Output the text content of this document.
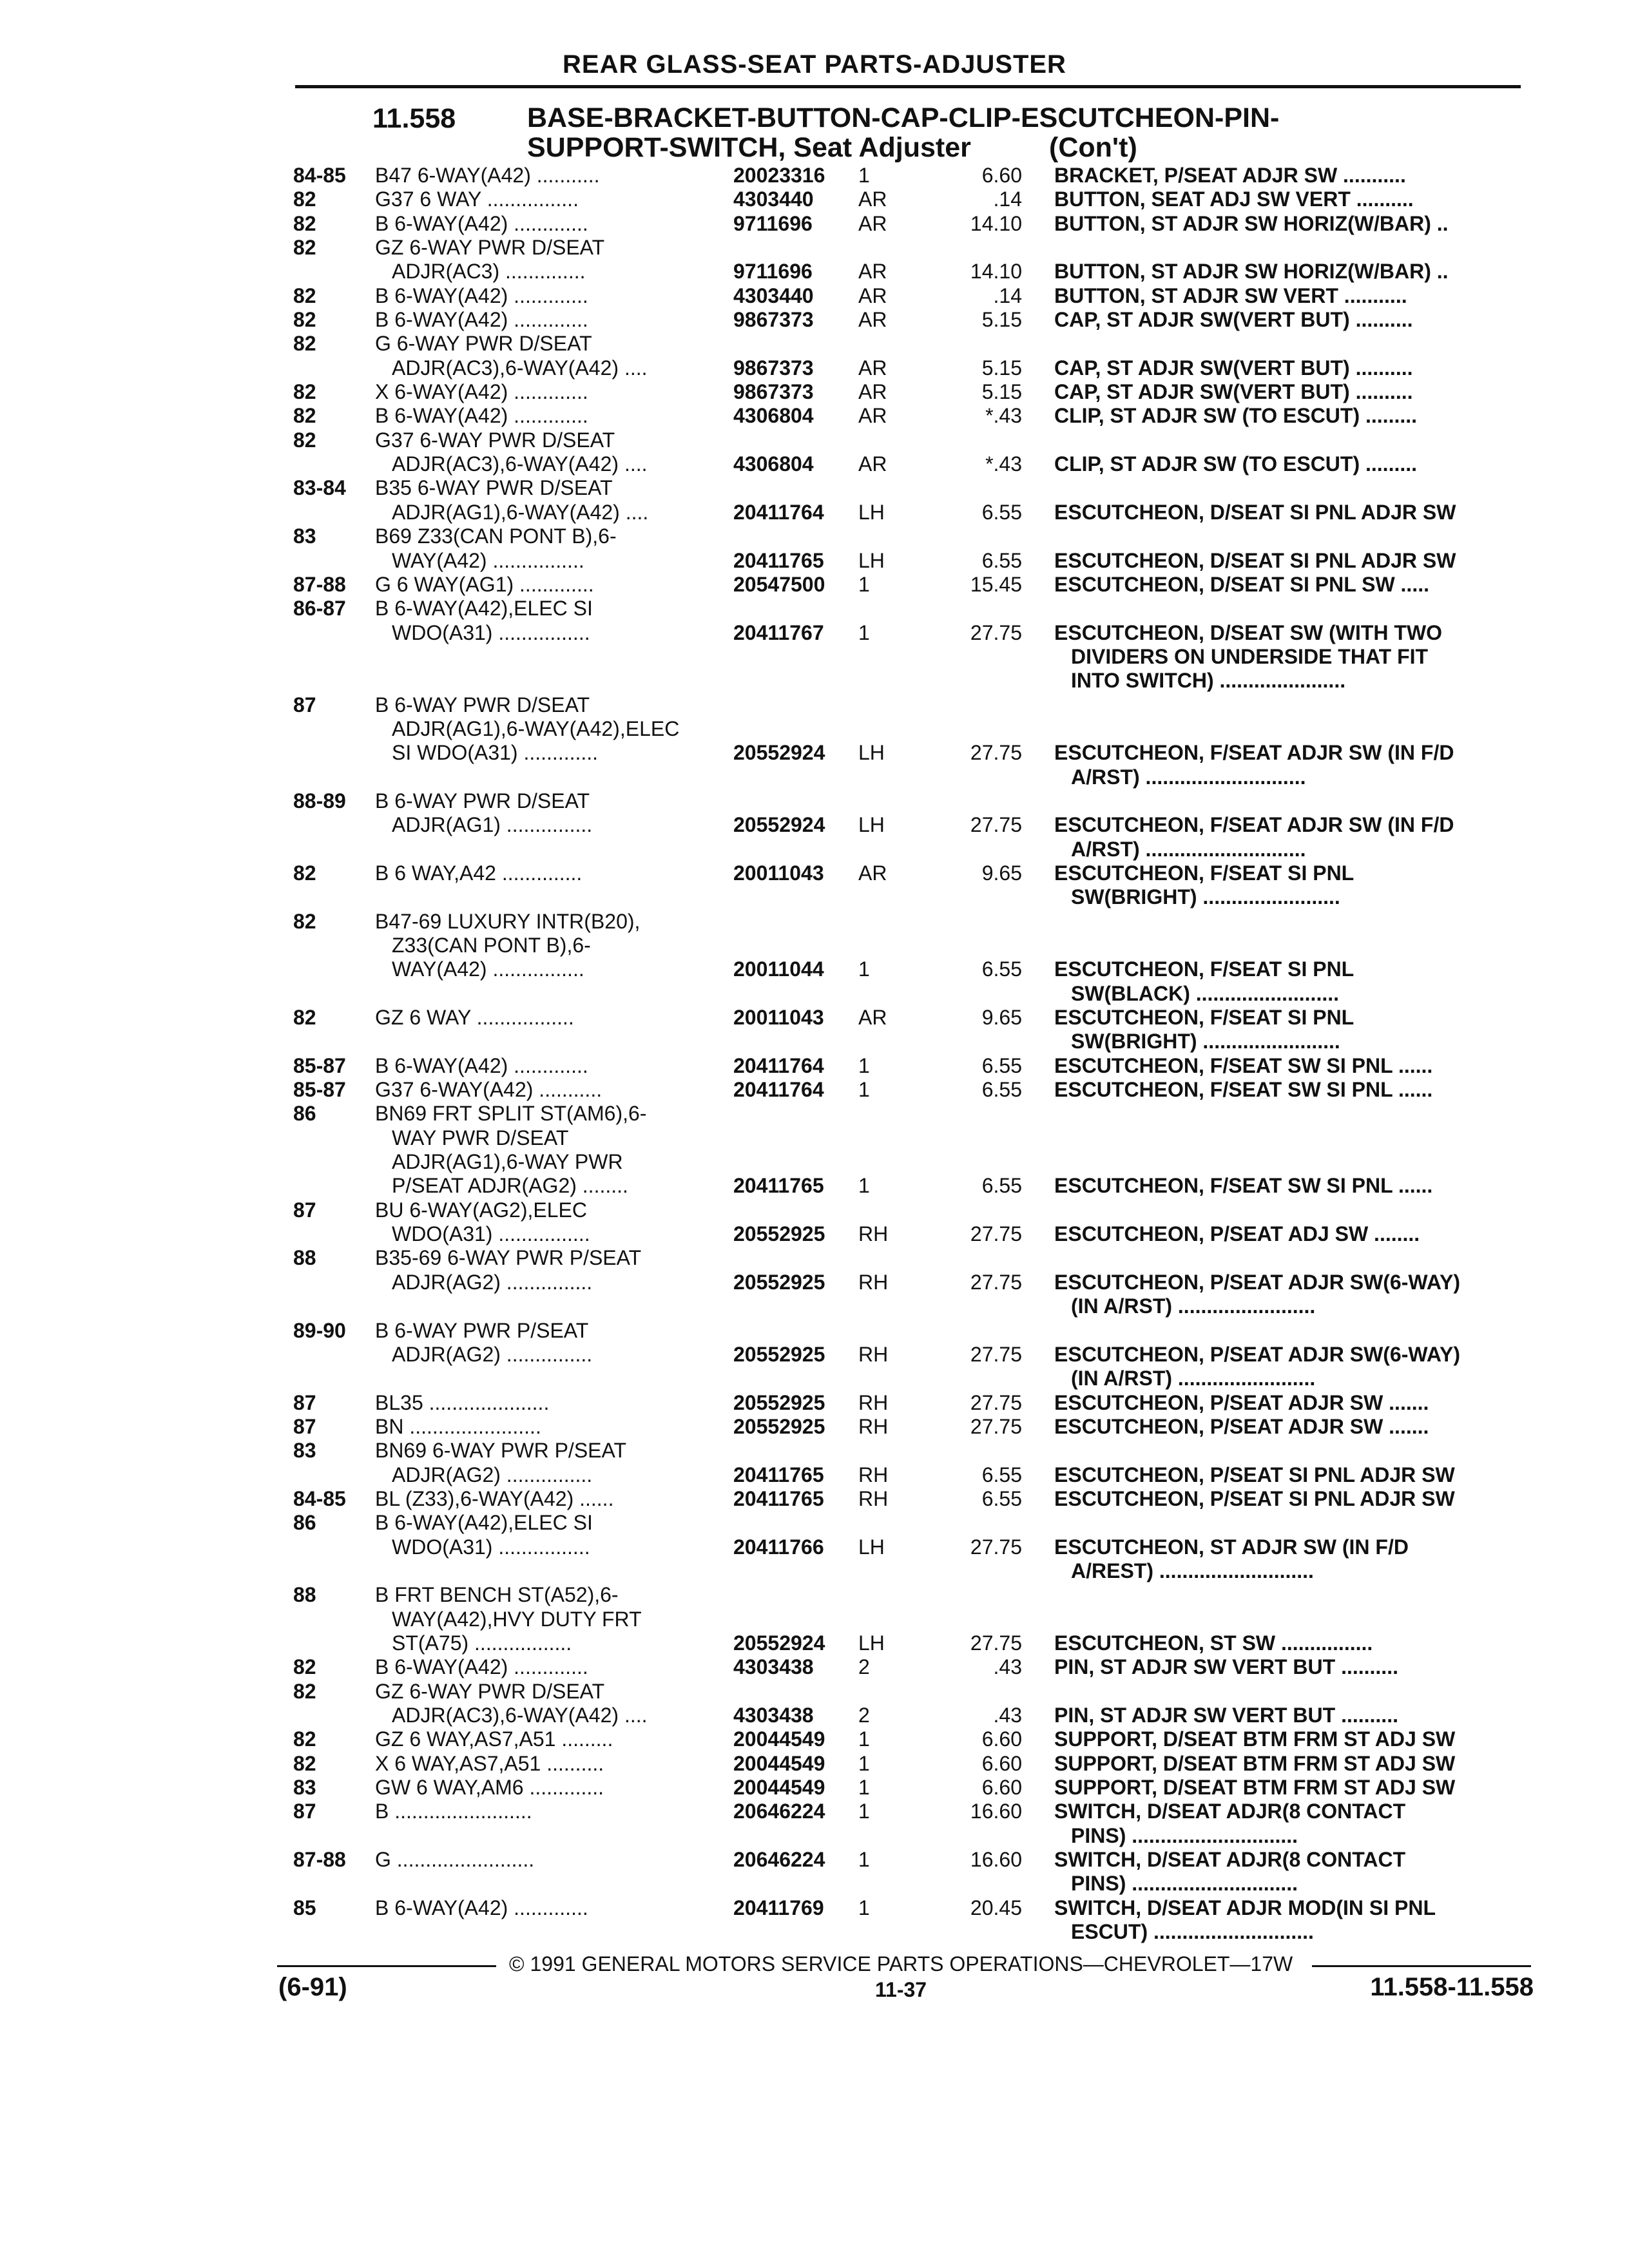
REAR GLASS-SEAT PARTS-ADJUSTER
11.558	BASE-BRACKET-BUTTON-CAP-CLIP-ESCUTCHEON-PIN-
SUPPORT-SWITCH, Seat Adjuster	(Con't)
84-85 B47 6-WAY(A42) ...........	20023316 1	6.60 BRACKET, P/SEAT ADJR SW ...........
82	G37 6 WAY ................	4303440 AR	.14 BUTTON, SEAT ADJ SW VERT ..........
82	B 6-WAY(A42) .............	9711696 AR	14.10 BUTTON, ST ADJR SW HORIZ(W/BAR) ..
82	GZ 6-WAY PWR D/SEAT
ADJR(AC3) ..............	9711696 AR	14.10 BUTTON, ST ADJR SW HORIZ(W/BAR) ..
82	B 6-WAY(A42) .............	4303440 AR	.14 BUTTON, ST ADJR SW VERT ...........
82	B 6-WAY(A42) .............	9867373 AR	5.15 CAP, ST ADJR SW(VERT BUT) ..........
82	G 6-WAY PWR D/SEAT
ADJR(AC3),6-WAY(A42) ....	9867373 AR	5.15 CAP, ST ADJR SW(VERT BUT) ..........
82	X 6-WAY(A42) .............	9867373 AR	5.15 CAP, ST ADJR SW(VERT BUT) ..........
82	B 6-WAY(A42) .............	4306804 AR	*.43 CLIP, ST ADJR SW (TO ESCUT) .........
82	G37 6-WAY PWR D/SEAT
ADJR(AC3),6-WAY(A42) ....	4306804 AR	*.43 CLIP, ST ADJR SW (TO ESCUT) .........
83-84 B35 6-WAY PWR D/SEAT
ADJR(AG1),6-WAY(A42) ....	20411764 LH	6.55 ESCUTCHEON, D/SEAT SI PNL ADJR SW
83	B69 Z33(CAN PONT B),6-
WAY(A42) ................	20411765 LH	6.55 ESCUTCHEON, D/SEAT SI PNL ADJR SW
87-88 G 6 WAY(AG1) .............	20547500 1	15.45 ESCUTCHEON, D/SEAT SI PNL SW .....
86-87 B 6-WAY(A42),ELEC SI
WDO(A31) ................	20411767 1	27.75 ESCUTCHEON, D/SEAT SW (WITH TWO
DIVIDERS ON UNDERSIDE THAT FIT
INTO SWITCH) ......................
87	B 6-WAY PWR D/SEAT
ADJR(AG1),6-WAY(A42),ELEC
SI WDO(A31) .............	20552924 LH	27.75 ESCUTCHEON, F/SEAT ADJR SW (IN F/D
A/RST) ............................
88-89 B 6-WAY PWR D/SEAT
ADJR(AG1) ...............	20552924 LH	27.75 ESCUTCHEON, F/SEAT ADJR SW (IN F/D
A/RST) ............................
82	B 6 WAY,A42 ..............	20011043 AR	9.65 ESCUTCHEON, F/SEAT SI PNL
SW(BRIGHT) ........................
82	B47-69 LUXURY INTR(B20),
Z33(CAN PONT B),6-
WAY(A42) ................	20011044 1	6.55 ESCUTCHEON, F/SEAT SI PNL
SW(BLACK) .........................
82	GZ 6 WAY .................	20011043 AR	9.65 ESCUTCHEON, F/SEAT SI PNL
SW(BRIGHT) ........................
85-87 B 6-WAY(A42) .............	20411764 1	6.55 ESCUTCHEON, F/SEAT SW SI PNL ......
85-87 G37 6-WAY(A42) ...........	20411764 1	6.55 ESCUTCHEON, F/SEAT SW SI PNL ......
86	BN69 FRT SPLIT ST(AM6),6-
WAY PWR D/SEAT
ADJR(AG1),6-WAY PWR
P/SEAT ADJR(AG2) ........	20411765 1	6.55 ESCUTCHEON, F/SEAT SW SI PNL ......
87	BU 6-WAY(AG2),ELEC
WDO(A31) ................	20552925 RH	27.75 ESCUTCHEON, P/SEAT ADJ SW ........
88	B35-69 6-WAY PWR P/SEAT
ADJR(AG2) ...............	20552925 RH	27.75 ESCUTCHEON, P/SEAT ADJR SW(6-WAY)
(IN A/RST) ........................
89-90 B 6-WAY PWR P/SEAT
ADJR(AG2) ...............	20552925 RH	27.75 ESCUTCHEON, P/SEAT ADJR SW(6-WAY)
(IN A/RST) ........................
87	BL35 .....................	20552925 RH	27.75 ESCUTCHEON, P/SEAT ADJR SW .......
87	BN .......................	20552925 RH	27.75 ESCUTCHEON, P/SEAT ADJR SW .......
83	BN69 6-WAY PWR P/SEAT
ADJR(AG2) ...............	20411765 RH	6.55 ESCUTCHEON, P/SEAT SI PNL ADJR SW
84-85 BL (Z33),6-WAY(A42) ......	20411765 RH	6.55 ESCUTCHEON, P/SEAT SI PNL ADJR SW
86	B 6-WAY(A42),ELEC SI
WDO(A31) ................	20411766 LH	27.75 ESCUTCHEON, ST ADJR SW (IN F/D
A/REST) ...........................
88	B FRT BENCH ST(A52),6-
WAY(A42),HVY DUTY FRT
ST(A75) .................	20552924 LH	27.75 ESCUTCHEON, ST SW ................
82	B 6-WAY(A42) .............	4303438 2	.43 PIN, ST ADJR SW VERT BUT ..........
82	GZ 6-WAY PWR D/SEAT
ADJR(AC3),6-WAY(A42) ....	4303438 2	.43 PIN, ST ADJR SW VERT BUT ..........
82	GZ 6 WAY,AS7,A51 .........	20044549 1	6.60 SUPPORT, D/SEAT BTM FRM ST ADJ SW
82	X 6 WAY,AS7,A51 ..........	20044549 1	6.60 SUPPORT, D/SEAT BTM FRM ST ADJ SW
83	GW 6 WAY,AM6 .............	20044549 1	6.60 SUPPORT, D/SEAT BTM FRM ST ADJ SW
87	B ........................	20646224 1	16.60 SWITCH, D/SEAT ADJR(8 CONTACT
PINS) .............................
87-88 G ........................	20646224 1	16.60 SWITCH, D/SEAT ADJR(8 CONTACT
PINS) .............................
85	B 6-WAY(A42) .............	20411769 1	20.45 SWITCH, D/SEAT ADJR MOD(IN SI PNL
ESCUT) ............................
© 1991 GENERAL MOTORS SERVICE PARTS OPERATIONS—CHEVROLET—17W
(6-91)	11-37	11.558-11.558
